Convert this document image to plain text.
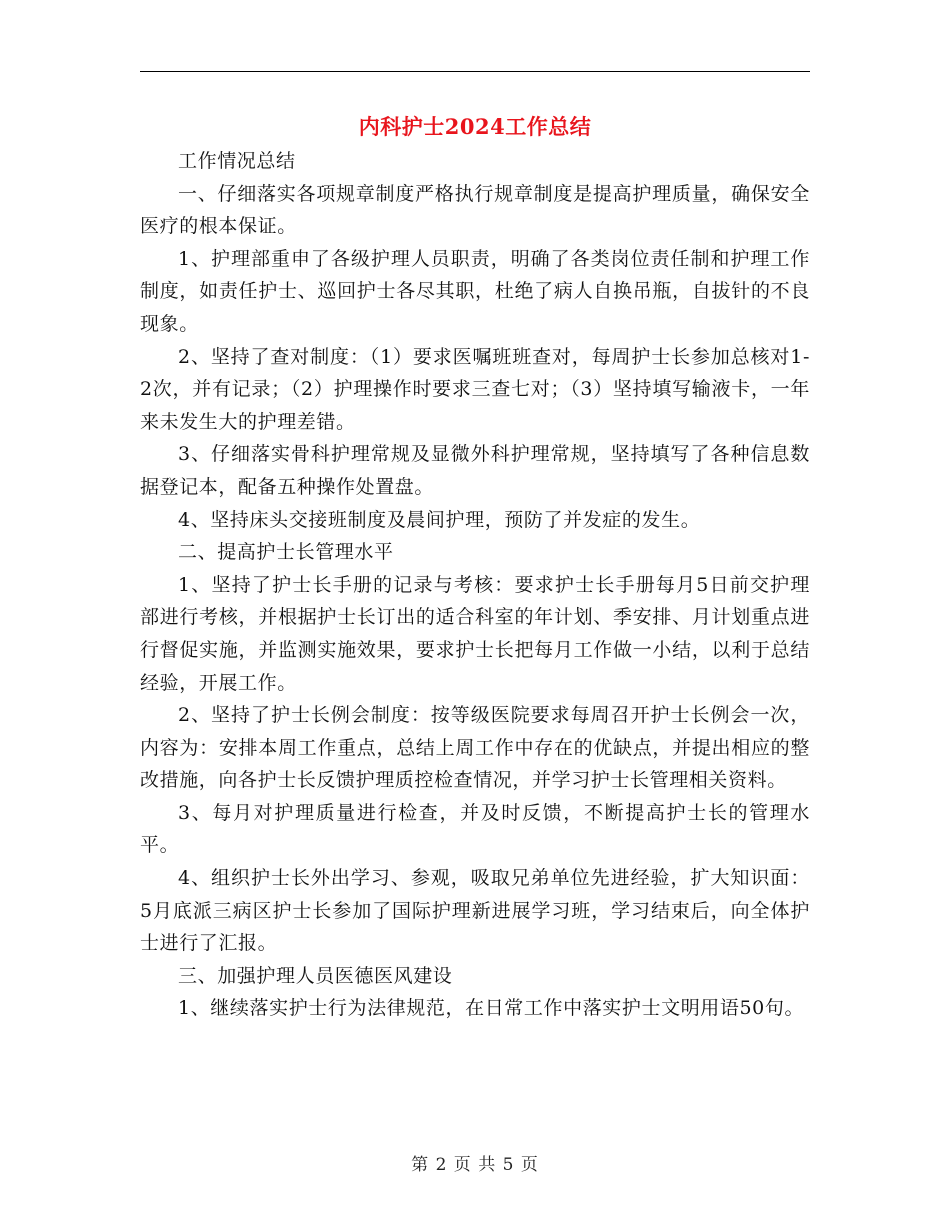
内科护士2024工作总结

工作情况总结

一、仔细落实各项规章制度严格执行规章制度是提高护理质量，确保安全医疗的根本保证。

1、护理部重申了各级护理人员职责，明确了各类岗位责任制和护理工作制度，如责任护士、巡回护士各尽其职，杜绝了病人自换吊瓶，自拔针的不良现象。

2、坚持了查对制度：（1）要求医嘱班班查对，每周护士长参加总核对1-2次，并有记录；（2）护理操作时要求三查七对；（3）坚持填写输液卡，一年来未发生大的护理差错。

3、仔细落实骨科护理常规及显微外科护理常规，坚持填写了各种信息数据登记本，配备五种操作处置盘。

4、坚持床头交接班制度及晨间护理，预防了并发症的发生。

二、提高护士长管理水平

1、坚持了护士长手册的记录与考核：要求护士长手册每月5日前交护理部进行考核，并根据护士长订出的适合科室的年计划、季安排、月计划重点进行督促实施，并监测实施效果，要求护士长把每月工作做一小结，以利于总结经验，开展工作。

2、坚持了护士长例会制度：按等级医院要求每周召开护士长例会一次，内容为：安排本周工作重点，总结上周工作中存在的优缺点，并提出相应的整改措施，向各护士长反馈护理质控检查情况，并学习护士长管理相关资料。

3、每月对护理质量进行检查，并及时反馈，不断提高护士长的管理水平。

4、组织护士长外出学习、参观，吸取兄弟单位先进经验，扩大知识面：5月底派三病区护士长参加了国际护理新进展学习班，学习结束后，向全体护士进行了汇报。

三、加强护理人员医德医风建设

1、继续落实护士行为法律规范，在日常工作中落实护士文明用语50句。

第 2 页 共 5 页
